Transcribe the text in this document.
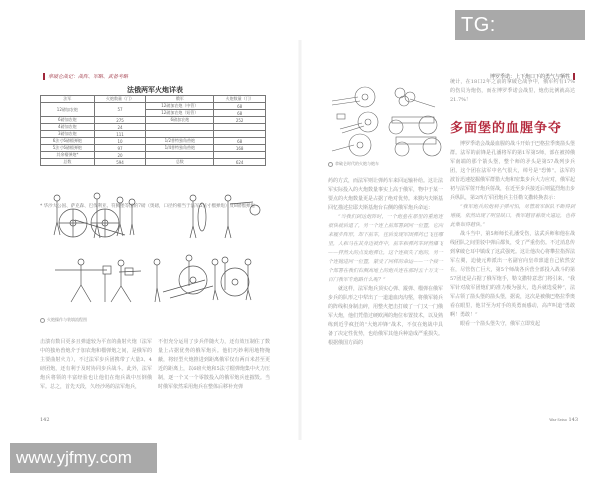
TG: MYYJJPP
拿破仑战记：战阵、军略、武备考略
法俄两军火炮详表
法军	火炮数量（门）	俄军	火炮数量（门）
12磅加农炮	57	12磅加农炮（中管）	68
		12磅加农炮（短管）	68
6磅加农炮	275	6磅加农炮	252
4磅加农炮	24		
3磅加农炮	111		
6法寸6磅榴弹炮	10	1/2普特独角兽炮	68
5法寸6磅榴弹炮	97	1/4普特独角兽炮	168
其余榴弹炮*	20		
总数	594	总数	624
* 华沙大公国、萨克森、巴伐利亚、符腾堡等国的7磅（奥磅，口径约相当于法军5法寸榴弹炮）及8磅榴弹炮
火炮操作与装填流程图

击溃有数目更多且弹道较为平直的曲射火炮（法军中的独角兽炮介于加农炮和榴弹炮之间，是俄军的主要曲射火力），不过法军步兵团携带了大量3、4磅团炮，还有利于及时协同步兵战斗。此外，法军炮兵将领的丰富经验也让他们在炮兵战中压倒俄军。总之，首先天段，久经沙场的法军炮兵，

不但充分运用了步兵伴随火力，还有效压制住了数量上占据优势的俄军炮兵。他们巧妙利用地物掩蔽，将轻型火炮推进到距离俄军仅有两百米甚至更近的距离上，以6磅火炮和5法寸榴弹炮集中火力压制，逐一个又一个零散投入的俄军炮兵连摧毁。当时俄军依然采用炮兵在整体后移补充弹

142
博罗季诺：上下炮口下的勇气与牺牲
拿破仑时代的火炮与炮车

药的方式，而法军则让弹药车来回运输补给。这让法军实际投入的火炮数量事实上高于俄军，物中于某一要点的火炮数量更是占据了绝对优势。米默内夫斯基回忆描述拉耶夫斯基炮台右侧的俄军炮兵命运：

“当我们到达炮阵时，一个炮垒在那里的重炮连很快就后退了，另一个连上前部署到同一位置，它向来履步阵形，却下前车，往后发现军团弹药已飞往哪里，人和马在其身边被炸中，前车和弹药车砰然爆飞——猝然大的点发炮弹让，这个连损失了炮的，另一个连抛进同一位置，蒙受了同样的命运——一个接一个部署在我们右侧高地上的炮兵连在那时五十万支一百门我军专炮路什么呢？”

就这样，法军炮兵顶实心弹、霰弹、榴弹在俄军步兵的队形之中犁出了一道道血肉沟壑，将俄军骑兵的阵线积身制击碎，用整火把击打破了一门又一门俄军大炮，他们凭借过硬欧洲的炮位布置技术，以及熟练到近乎疯狂的“大炮冲锋”战术，不仅在炮战中具备了决定性优势，也给俄军其他兵种造成严重损失。根据俄国方面的

统计，在18口2年之前的拿破仑战争中，俄军约有17%的伤员为炮伤，而在博罗季诺会战里，炮伤比例就高达21.7%！

多面堡的血腥争夺

博罗季诺会战最血腥的战斗开始于巴格拉季奥箭头堡群。法军的前锋是孔潘将军的第1军第5师，部在被掉俄军南端的那个箭头堡，整个师的矛头是第57战列步兵团，这个团在法军中名气很大，绰号是“恐怖”。法军的波旨迅速挖掘俄军群猎大炮和密集步兵大力应对，俄军起初与法军射开炮兵射战，在近至步兵接近后则猛烈炮击步兵纵队，第2西方军团炮兵主任勒文撒转换表示：

“我军炮兵的炮利子弹可怕，尽管敌军纵队不断得到增援，依然出现了明显缺口，我军越冒着敌火逼近，也将此集如得越快。”

战斗当中，第5师师长孔潘受伤，法武兵师和他在战线团队之间里驳中弹后都负，受了严重伤伤。不过消息传到拿破仑耳中镇成了这武强死。这让他决心将攀拉指挥法军左翼，迫使元帅派出一名副官向皇帝禀道自己依然安在，尽管伤亡巨大，第5个师战各兵营全部投入战斗的第57团还是占据了俄军炮手，勒文撒特意悲门将引来，“我军针对敌军团炮们的准力极为强大，选兵就选爱种”，法军占领了箭头堡的箭头堡，据说，这次是被俄巴格拉季奥看在眼里，他甘至为对手的英勇而感动，高声叫道“勇敢啊！勇敢！”

眼看一个箭头堡失守，俄军立即发起

War Seiso 143
www.yjfmy.com
